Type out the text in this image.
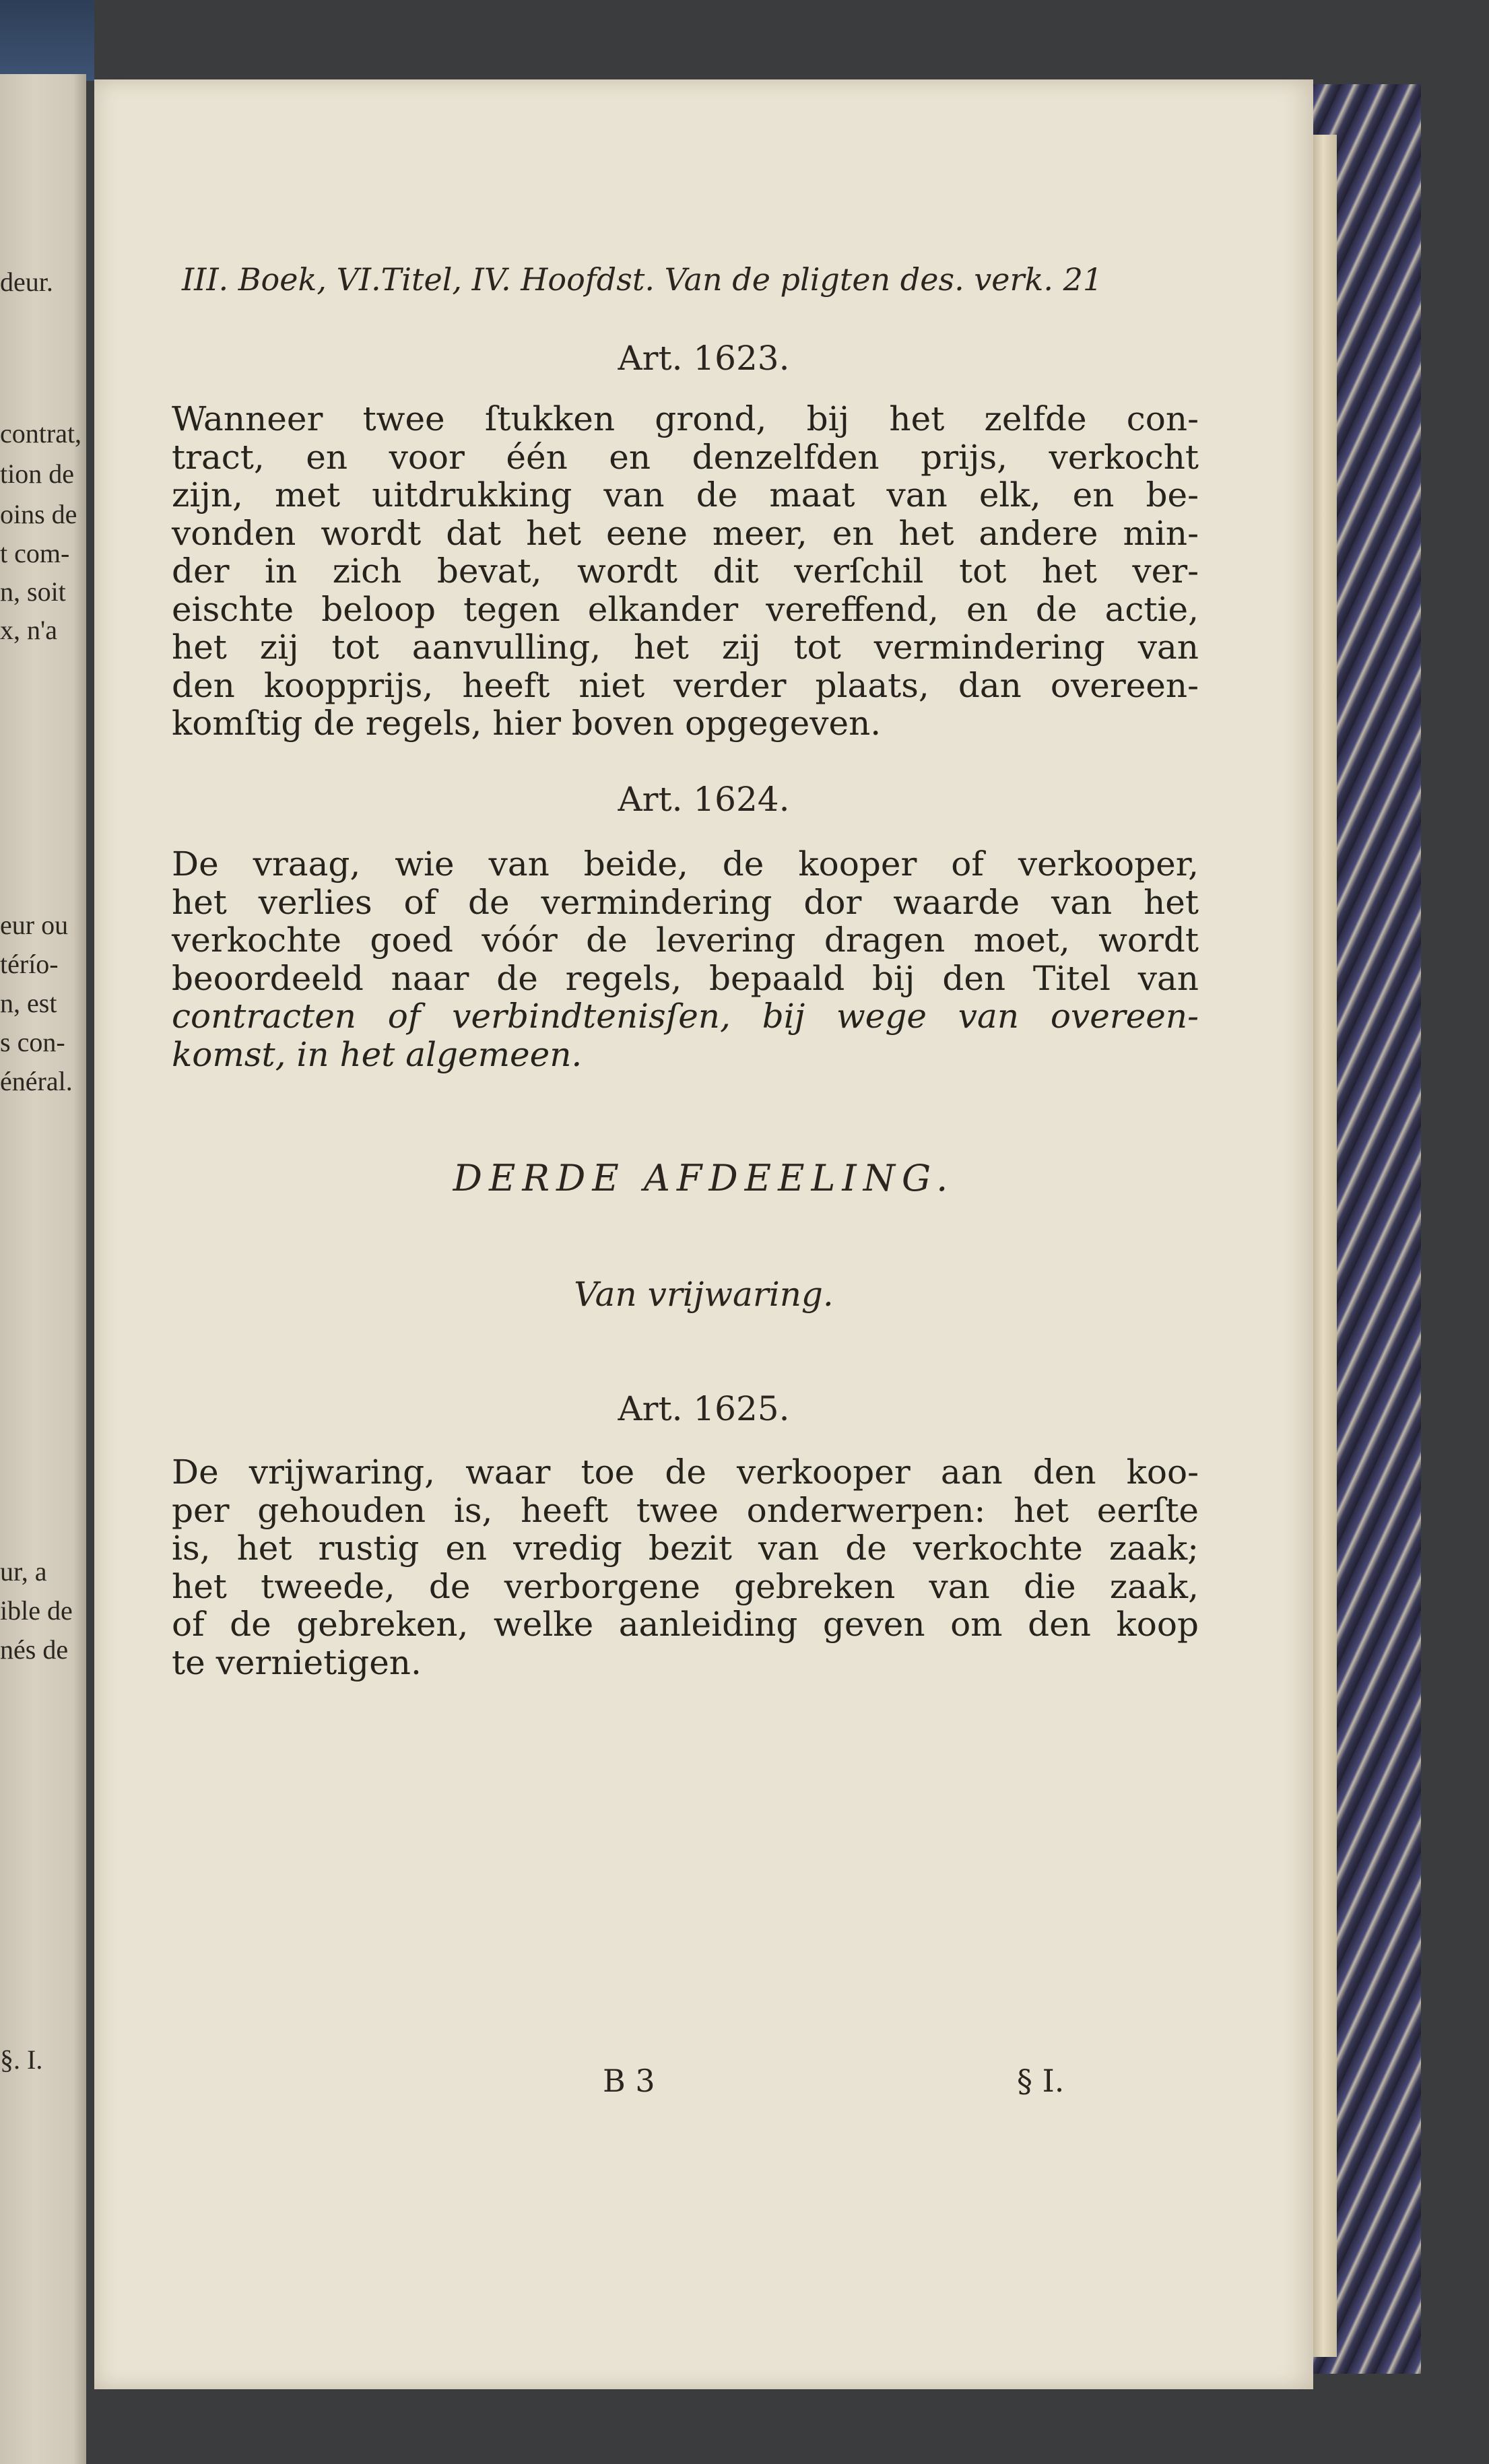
deur.
contrat,
tion de
oins de
t com-
n, soit
x, n'a
eur ou
térío-
n, est
s con-
énéral.
ur, a
ible de
nés de
§. I.
III. Boek, VI.Titel, IV. Hoofdst. Van de pligten des. verk. 21
Art. 1623.
Wanneer twee ſtukken grond, bij het zelfde con-
tract, en voor één en denzelfden prijs, verkocht
zijn, met uitdrukking van de maat van elk, en be-
vonden wordt dat het eene meer, en het andere min-
der in zich bevat, wordt dit verſchil tot het ver-
eischte beloop tegen elkander vereffend, en de actie,
het zij tot aanvulling, het zij tot vermindering van
den koopprijs, heeft niet verder plaats, dan overeen-
komſtig de regels, hier boven opgegeven.
Art. 1624.
De vraag, wie van beide, de kooper of verkooper,
het verlies of de vermindering dor waarde van het
verkochte goed vóór de levering dragen moet, wordt
beoordeeld naar de regels, bepaald bij den Titel van
contracten of verbindtenisſen, bij wege van overeen-
komst, in het algemeen.
DERDE AFDEELING.
Van vrijwaring.
Art. 1625.
De vrijwaring, waar toe de verkooper aan den koo-
per gehouden is, heeft twee onderwerpen: het eerſte
is, het rustig en vredig bezit van de verkochte zaak;
het tweede, de verborgene gebreken van die zaak,
of de gebreken, welke aanleiding geven om den koop
te vernietigen.
B 3	§ I.
